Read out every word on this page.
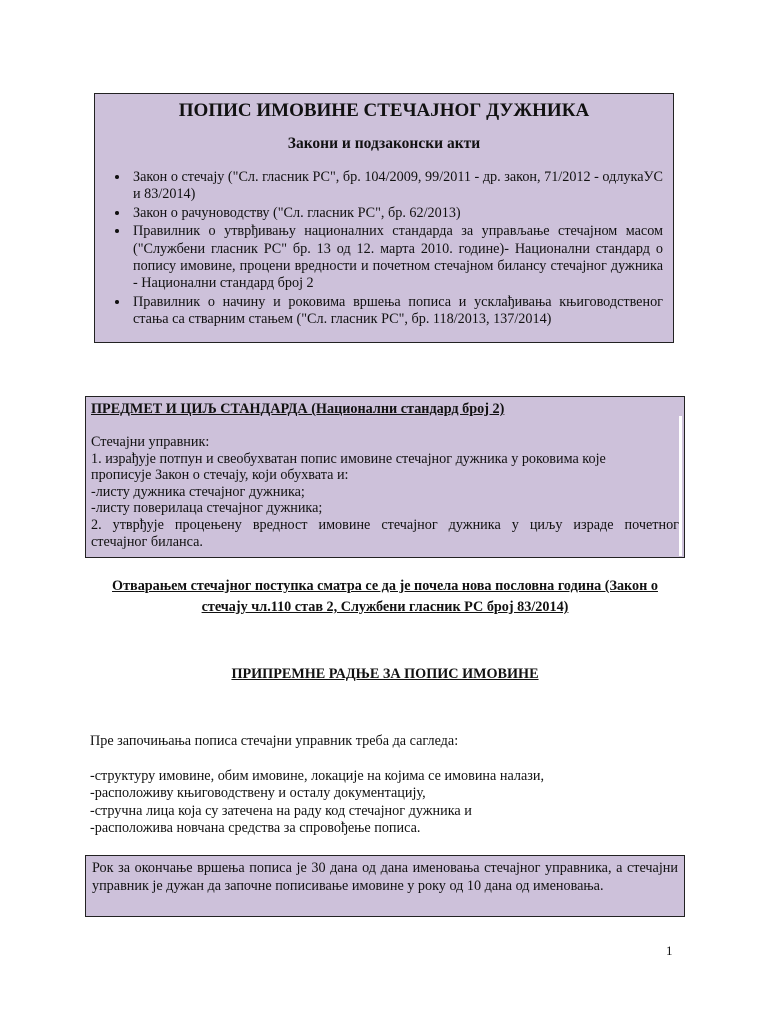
ПОПИС ИМОВИНЕ СТЕЧАЈНОГ ДУЖНИКА
Закони и подзаконски акти
• Закон о стечају ("Сл. гласник РС", бр. 104/2009, 99/2011 - др. закон, 71/2012 - одлукаУС и 83/2014)
• Закон о рачуноводству ("Сл. гласник РС", бр. 62/2013)
• Правилник о утврђивању националних стандарда за управљање стечајном масом ("Службени гласник РС" бр. 13 од 12. марта 2010. године)- Национални стандард о попису имовине, процени вредности и почетном стечајном билансу стечајног дужника - Национални стандард број 2
• Правилник о начину и роковима вршења пописа и усклађивања књиговодственог стања са стварним стањем ("Сл. гласник РС", бр. 118/2013, 137/2014)
ПРЕДМЕТ И ЦИЉ СТАНДАРДА (Национални стандард број 2)
Стечајни управник:
1. израђује потпун и свеобухватан попис имовине стечајног дужника у роковима које
прописује Закон о стечају, који обухвата и:
-листу дужника стечајног дужника;
-листу поверилаца стечајног дужника;
2. утврђује процењену вредност имовине стечајног дужника у циљу израде почетног
стечајног биланса.
Отварањем стечајног поступка сматра се да је почела нова пословна година (Закон о
стечају чл.110 став 2, Службени гласник РС број 83/2014)
ПРИПРЕМНЕ РАДЊЕ ЗА ПОПИС ИМОВИНЕ
Пре започињања пописа стечајни управник треба да сагледа:
-структуру имовине, обим имовине, локације на којима се имовина налази,
-расположиву књиговодствену и осталу документацију,
-стручна лица која су затечена на раду код стечајног дужника и
-расположива новчана средства за спровођење пописа.
Рок за окончање вршења пописа је 30 дана од дана именовања стечајног управника, а стечајни управник је дужан да започне пописивање имовине у року од 10 дана од именовања.
1
